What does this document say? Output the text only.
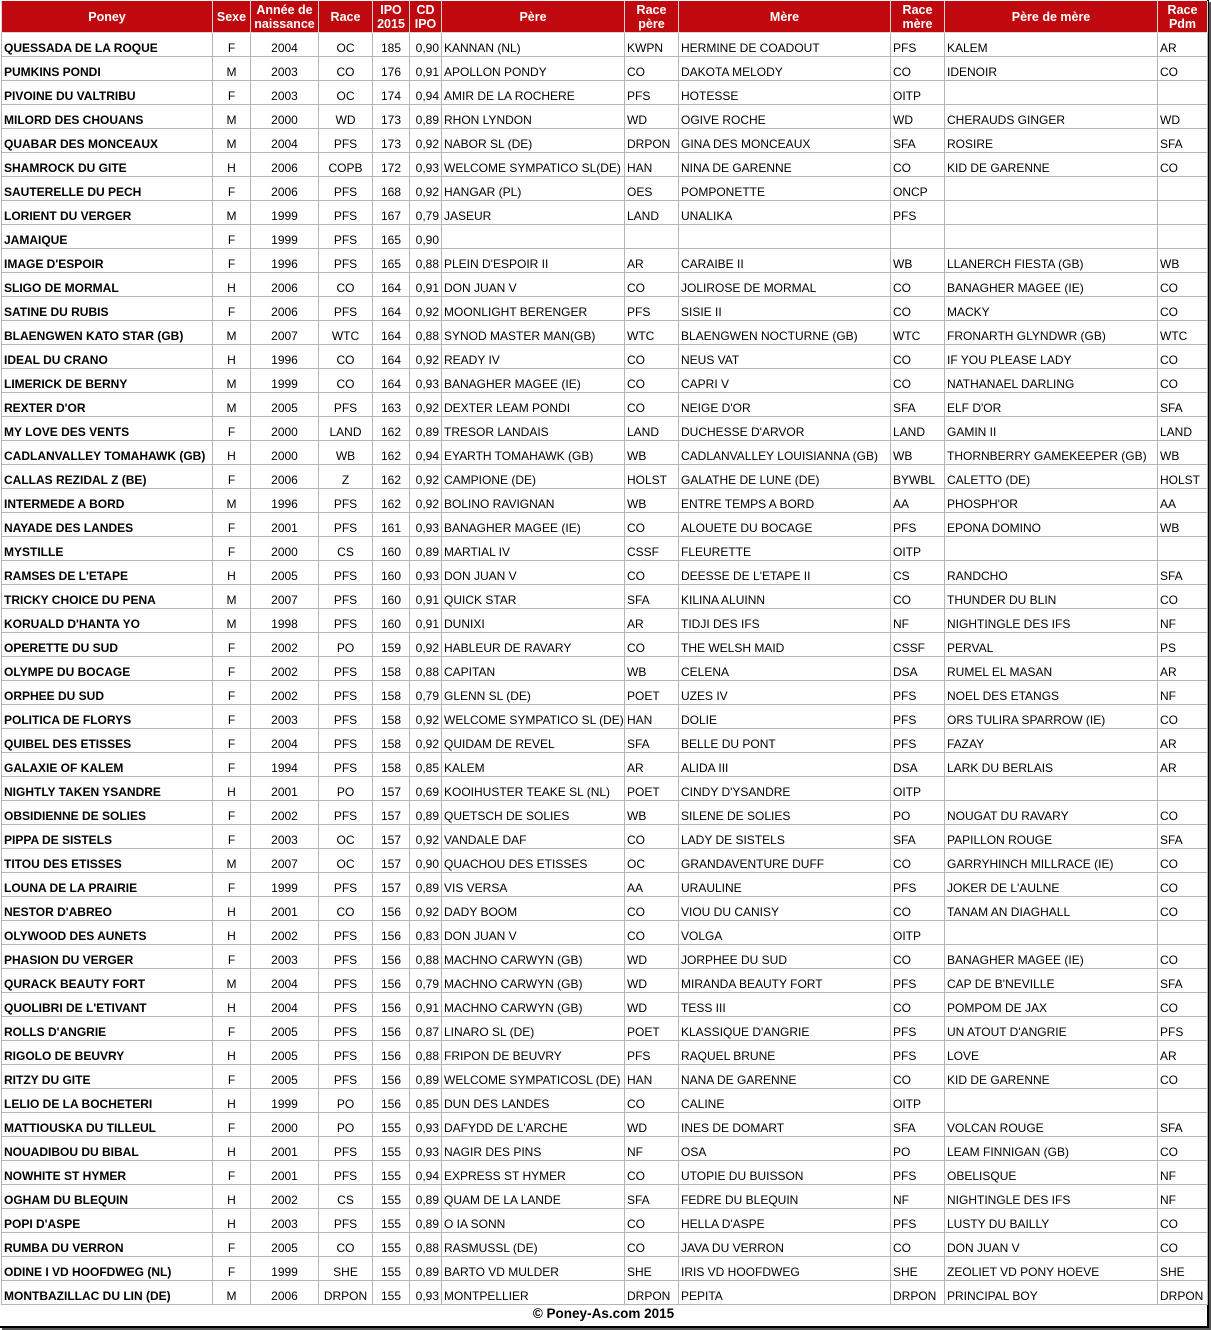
Poney	Sexe	Année de naissance	Race	IPO 2015	CD IPO	Père	Race père	Mère	Race mère	Père de mère	Race Pdm
QUESSADA DE LA ROQUE	F	2004	OC	185	0,90	KANNAN (NL)	KWPN	HERMINE DE COADOUT	PFS	KALEM	AR
PUMKINS PONDI	M	2003	CO	176	0,91	APOLLON PONDY	CO	DAKOTA MELODY	CO	IDENOIR	CO
PIVOINE DU VALTRIBU	F	2003	OC	174	0,94	AMIR DE LA ROCHERE	PFS	HOTESSE	OITP		
MILORD DES CHOUANS	M	2000	WD	173	0,89	RHON LYNDON	WD	OGIVE ROCHE	WD	CHERAUDS GINGER	WD
QUABAR DES MONCEAUX	M	2004	PFS	173	0,92	NABOR SL (DE)	DRPON	GINA DES MONCEAUX	SFA	ROSIRE	SFA
SHAMROCK DU GITE	H	2006	COPB	172	0,93	WELCOME SYMPATICO SL(DE)	HAN	NINA DE GARENNE	CO	KID DE GARENNE	CO
SAUTERELLE DU PECH	F	2006	PFS	168	0,92	HANGAR (PL)	OES	POMPONETTE	ONCP		
LORIENT DU VERGER	M	1999	PFS	167	0,79	JASEUR	LAND	UNALIKA	PFS		
JAMAIQUE	F	1999	PFS	165	0,90						
IMAGE D'ESPOIR	F	1996	PFS	165	0,88	PLEIN D'ESPOIR II	AR	CARAIBE II	WB	LLANERCH FIESTA (GB)	WB
SLIGO DE MORMAL	H	2006	CO	164	0,91	DON JUAN V	CO	JOLIROSE DE MORMAL	CO	BANAGHER MAGEE (IE)	CO
SATINE DU RUBIS	F	2006	PFS	164	0,92	MOONLIGHT BERENGER	PFS	SISIE II	CO	MACKY	CO
BLAENGWEN KATO STAR (GB)	M	2007	WTC	164	0,88	SYNOD MASTER MAN(GB)	WTC	BLAENGWEN NOCTURNE (GB)	WTC	FRONARTH GLYNDWR (GB)	WTC
IDEAL DU CRANO	H	1996	CO	164	0,92	READY IV	CO	NEUS VAT	CO	IF YOU PLEASE LADY	CO
LIMERICK DE BERNY	M	1999	CO	164	0,93	BANAGHER MAGEE (IE)	CO	CAPRI V	CO	NATHANAEL DARLING	CO
REXTER D'OR	M	2005	PFS	163	0,92	DEXTER LEAM PONDI	CO	NEIGE D'OR	SFA	ELF D'OR	SFA
MY LOVE DES VENTS	F	2000	LAND	162	0,89	TRESOR LANDAIS	LAND	DUCHESSE D'ARVOR	LAND	GAMIN II	LAND
CADLANVALLEY TOMAHAWK (GB)	H	2000	WB	162	0,94	EYARTH TOMAHAWK (GB)	WB	CADLANVALLEY LOUISIANNA (GB)	WB	THORNBERRY GAMEKEEPER (GB)	WB
CALLAS REZIDAL Z (BE)	F	2006	Z	162	0,92	CAMPIONE (DE)	HOLST	GALATHE DE LUNE (DE)	BYWBL	CALETTO (DE)	HOLST
INTERMEDE A BORD	M	1996	PFS	162	0,92	BOLINO RAVIGNAN	WB	ENTRE TEMPS A BORD	AA	PHOSPH'OR	AA
NAYADE DES LANDES	F	2001	PFS	161	0,93	BANAGHER MAGEE (IE)	CO	ALOUETE DU BOCAGE	PFS	EPONA DOMINO	WB
MYSTILLE	F	2000	CS	160	0,89	MARTIAL IV	CSSF	FLEURETTE	OITP		
RAMSES DE L'ETAPE	H	2005	PFS	160	0,93	DON JUAN V	CO	DEESSE DE L'ETAPE II	CS	RANDCHO	SFA
TRICKY CHOICE DU PENA	M	2007	PFS	160	0,91	QUICK STAR	SFA	KILINA ALUINN	CO	THUNDER DU BLIN	CO
KORUALD D'HANTA YO	M	1998	PFS	160	0,91	DUNIXI	AR	TIDJI DES IFS	NF	NIGHTINGLE DES IFS	NF
OPERETTE DU SUD	F	2002	PO	159	0,92	HABLEUR DE RAVARY	CO	THE WELSH MAID	CSSF	PERVAL	PS
OLYMPE DU BOCAGE	F	2002	PFS	158	0,88	CAPITAN	WB	CELENA	DSA	RUMEL EL MASAN	AR
ORPHEE DU SUD	F	2002	PFS	158	0,79	GLENN SL (DE)	POET	UZES IV	PFS	NOEL DES ETANGS	NF
POLITICA DE FLORYS	F	2003	PFS	158	0,92	WELCOME SYMPATICO SL (DE)	HAN	DOLIE	PFS	ORS TULIRA SPARROW (IE)	CO
QUIBEL DES ETISSES	F	2004	PFS	158	0,92	QUIDAM DE REVEL	SFA	BELLE DU PONT	PFS	FAZAY	AR
GALAXIE OF KALEM	F	1994	PFS	158	0,85	KALEM	AR	ALIDA III	DSA	LARK DU BERLAIS	AR
NIGHTLY TAKEN YSANDRE	H	2001	PO	157	0,69	KOOIHUSTER TEAKE SL (NL)	POET	CINDY D'YSANDRE	OITP		
OBSIDIENNE DE SOLIES	F	2002	PFS	157	0,89	QUETSCH DE SOLIES	WB	SILENE DE SOLIES	PO	NOUGAT DU RAVARY	CO
PIPPA DE SISTELS	F	2003	OC	157	0,92	VANDALE DAF	CO	LADY DE SISTELS	SFA	PAPILLON ROUGE	SFA
TITOU DES ETISSES	M	2007	OC	157	0,90	QUACHOU DES ETISSES	OC	GRANDAVENTURE DUFF	CO	GARRYHINCH MILLRACE (IE)	CO
LOUNA DE LA PRAIRIE	F	1999	PFS	157	0,89	VIS VERSA	AA	URAULINE	PFS	JOKER DE L'AULNE	CO
NESTOR D'ABREO	H	2001	CO	156	0,92	DADY BOOM	CO	VIOU DU CANISY	CO	TANAM AN DIAGHALL	CO
OLYWOOD DES AUNETS	H	2002	PFS	156	0,83	DON JUAN V	CO	VOLGA	OITP		
PHASION DU VERGER	F	2003	PFS	156	0,88	MACHNO CARWYN (GB)	WD	JORPHEE DU SUD	CO	BANAGHER MAGEE (IE)	CO
QURACK BEAUTY FORT	M	2004	PFS	156	0,79	MACHNO CARWYN (GB)	WD	MIRANDA BEAUTY FORT	PFS	CAP DE B'NEVILLE	SFA
QUOLIBRI DE L'ETIVANT	H	2004	PFS	156	0,91	MACHNO CARWYN (GB)	WD	TESS III	CO	POMPOM DE JAX	CO
ROLLS D'ANGRIE	F	2005	PFS	156	0,87	LINARO SL (DE)	POET	KLASSIQUE D'ANGRIE	PFS	UN ATOUT D'ANGRIE	PFS
RIGOLO DE BEUVRY	H	2005	PFS	156	0,88	FRIPON DE BEUVRY	PFS	RAQUEL BRUNE	PFS	LOVE	AR
RITZY DU GITE	F	2005	PFS	156	0,89	WELCOME SYMPATICOSL (DE)	HAN	NANA DE GARENNE	CO	KID DE GARENNE	CO
LELIO DE LA BOCHETERI	H	1999	PO	156	0,85	DUN DES LANDES	CO	CALINE	OITP		
MATTIOUSKA DU TILLEUL	F	2000	PO	155	0,93	DAFYDD DE L'ARCHE	WD	INES DE DOMART	SFA	VOLCAN ROUGE	SFA
NOUADIBOU DU BIBAL	H	2001	PFS	155	0,93	NAGIR DES PINS	NF	OSA	PO	LEAM FINNIGAN (GB)	CO
NOWHITE ST HYMER	F	2001	PFS	155	0,94	EXPRESS ST HYMER	CO	UTOPIE DU BUISSON	PFS	OBELISQUE	NF
OGHAM DU BLEQUIN	H	2002	CS	155	0,89	QUAM DE LA LANDE	SFA	FEDRE DU BLEQUIN	NF	NIGHTINGLE DES IFS	NF
POPI D'ASPE	H	2003	PFS	155	0,89	O IA SONN	CO	HELLA D'ASPE	PFS	LUSTY DU BAILLY	CO
RUMBA DU VERRON	F	2005	CO	155	0,88	RASMUSSL (DE)	CO	JAVA DU VERRON	CO	DON JUAN V	CO
ODINE I VD HOOFDWEG (NL)	F	1999	SHE	155	0,89	BARTO VD MULDER	SHE	IRIS VD HOOFDWEG	SHE	ZEOLIET VD PONY HOEVE	SHE
MONTBAZILLAC DU LIN (DE)	M	2006	DRPON	155	0,93	MONTPELLIER	DRPON	PEPITA	DRPON	PRINCIPAL BOY	DRPON
© Poney-As.com 2015
